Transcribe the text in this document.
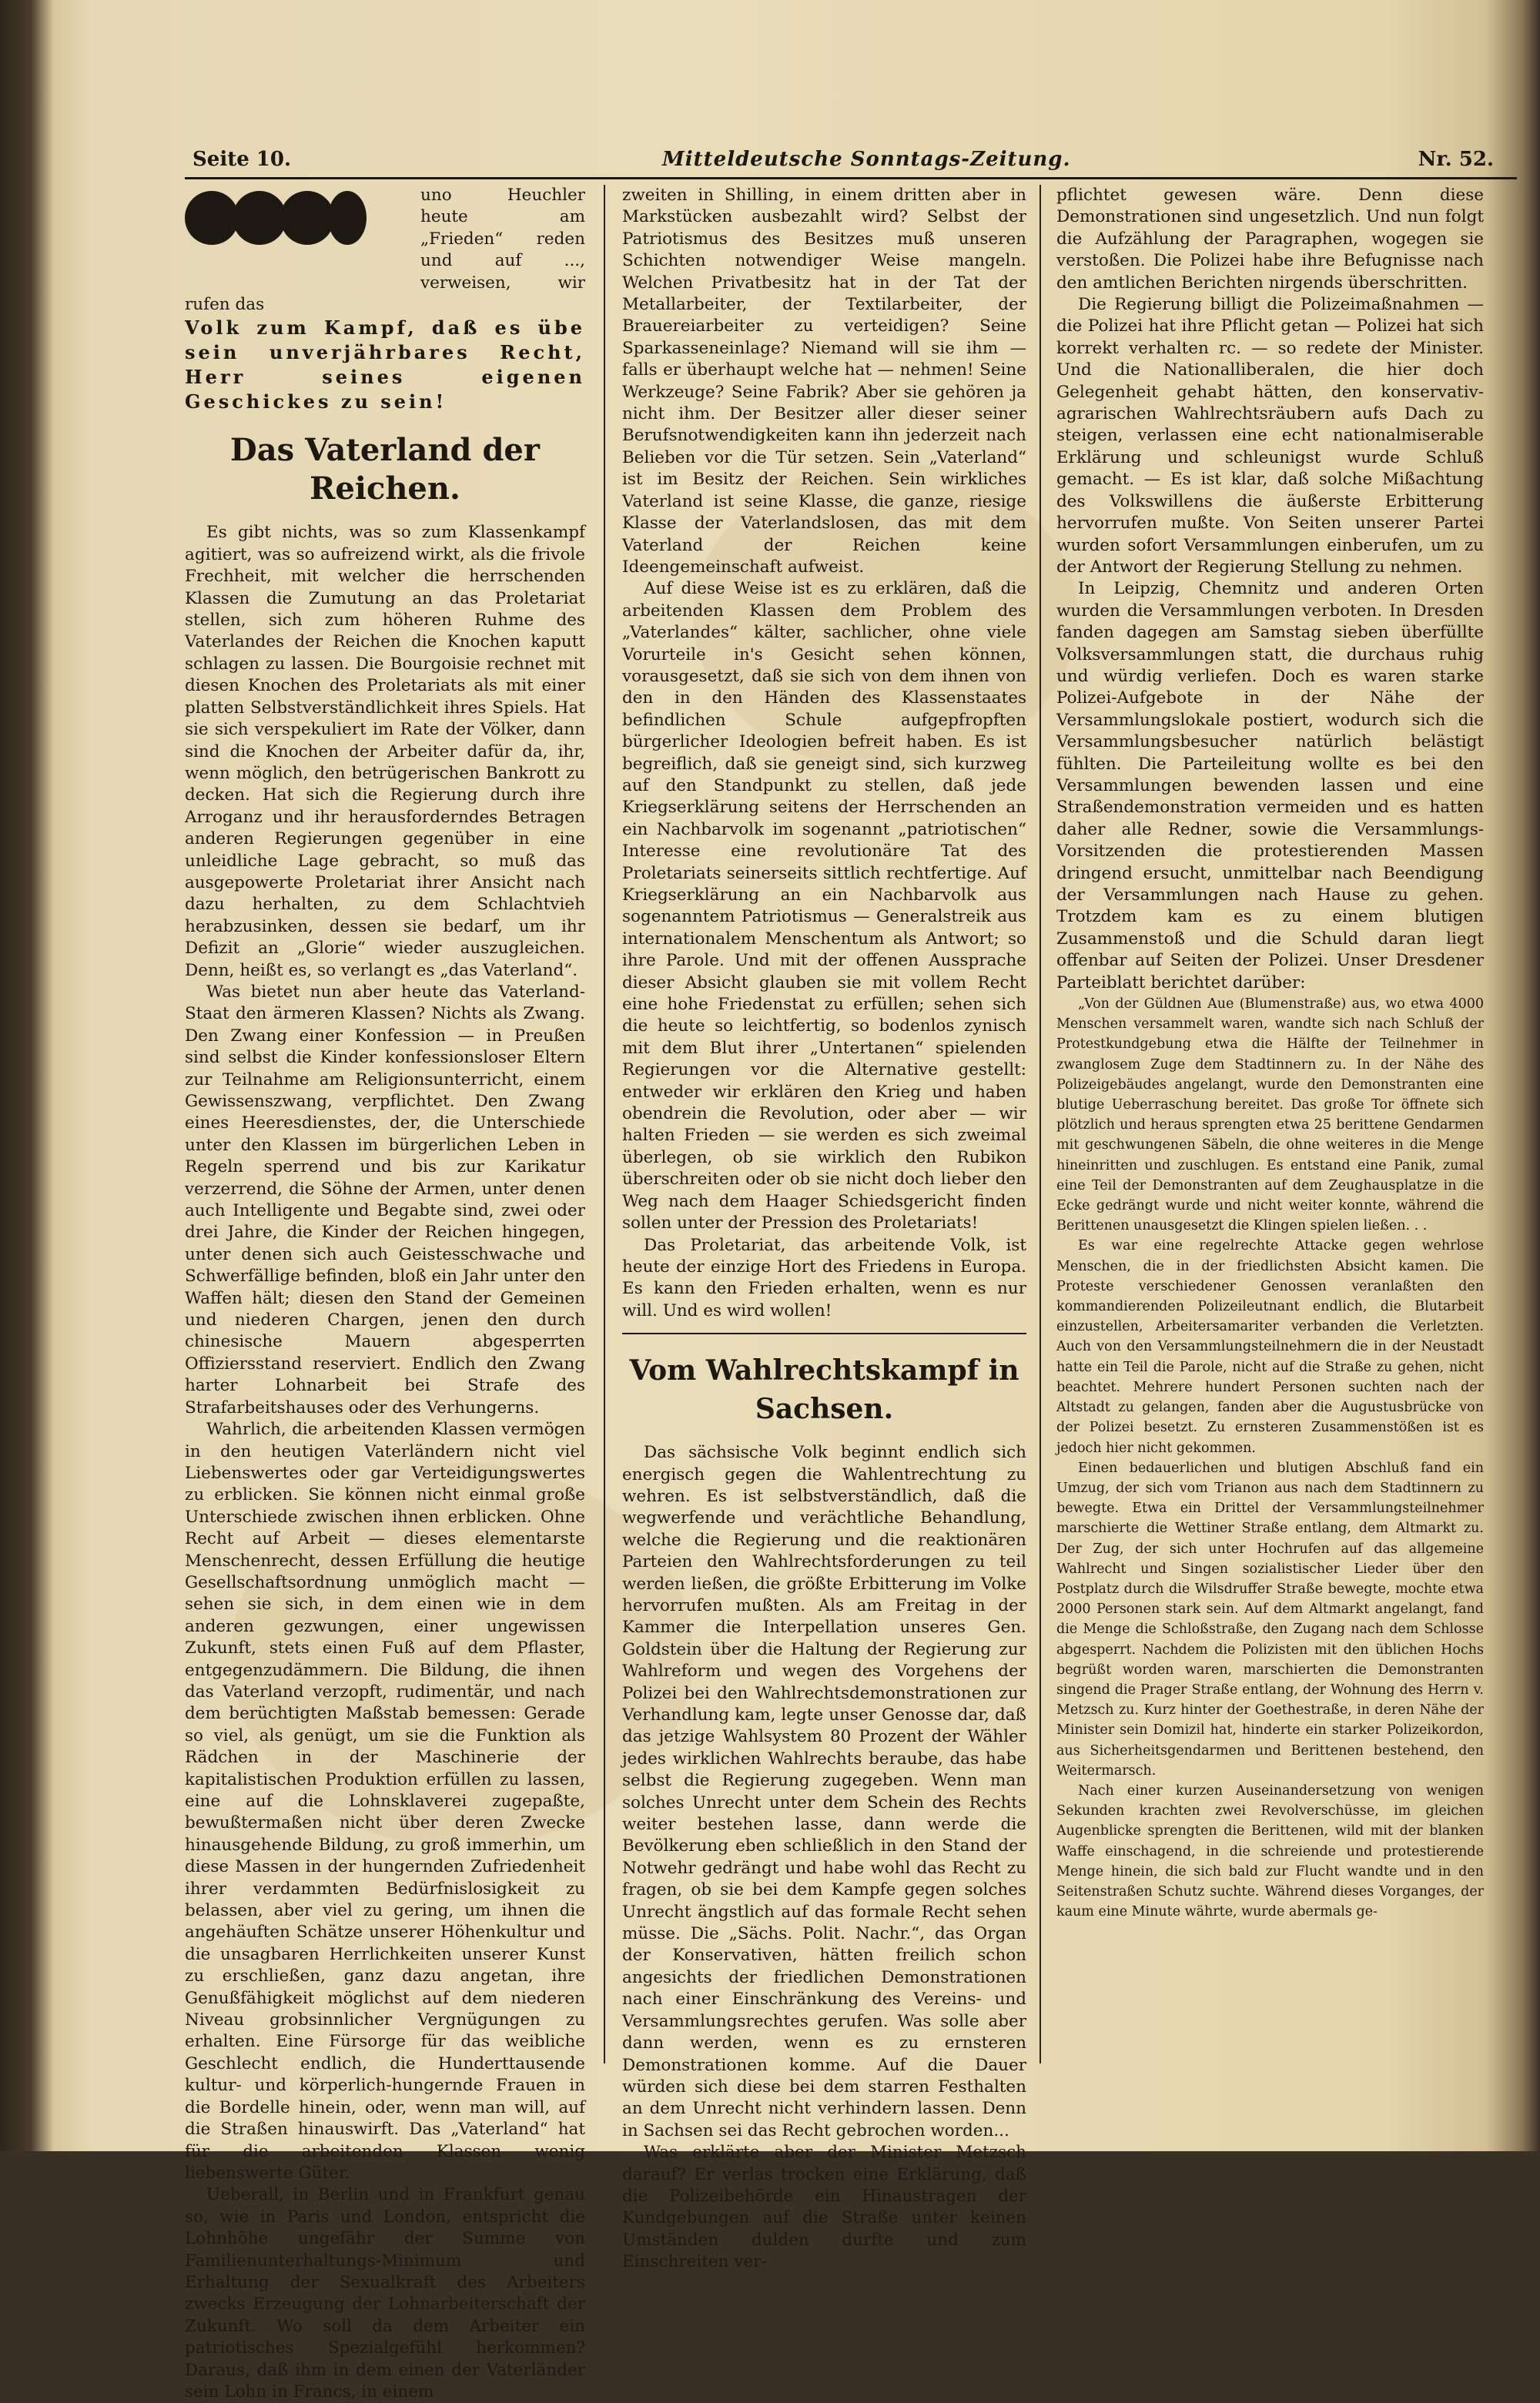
Seite 10.	Mitteldeutsche Sonntags-Zeitung.	Nr. 52.

uno Heuchler heute am „Frieden“ reden und auf ..., verweisen, wir rufen das

Volk zum Kampf, daß es übe sein unverjährbares Recht, Herr seines eigenen Geschickes zu sein!
Das Vaterland der Reichen.

Es gibt nichts, was so zum Klassenkampf agitiert, was so aufreizend wirkt, als die frivole Frechheit, mit welcher die herrschenden Klassen die Zumutung an das Proletariat stellen, sich zum höheren Ruhme des Vaterlandes der Reichen die Knochen kaputt schlagen zu lassen. Die Bourgoisie rechnet mit diesen Knochen des Proletariats als mit einer platten Selbstverständlichkeit ihres Spiels. Hat sie sich verspekuliert im Rate der Völker, dann sind die Knochen der Arbeiter dafür da, ihr, wenn möglich, den betrügerischen Bankrott zu decken. Hat sich die Regierung durch ihre Arroganz und ihr herausforderndes Betragen anderen Regierungen gegenüber in eine unleidliche Lage gebracht, so muß das ausgepowerte Proletariat ihrer Ansicht nach dazu herhalten, zu dem Schlachtvieh herabzusinken, dessen sie bedarf, um ihr Defizit an „Glorie“ wieder auszugleichen. Denn, heißt es, so verlangt es „das Vaterland“.

Was bietet nun aber heute das Vaterland-Staat den ärmeren Klassen? Nichts als Zwang. Den Zwang einer Konfession — in Preußen sind selbst die Kinder konfessionsloser Eltern zur Teilnahme am Religionsunterricht, einem Gewissenszwang, verpflichtet. Den Zwang eines Heeresdienstes, der, die Unterschiede unter den Klassen im bürgerlichen Leben in Regeln sperrend und bis zur Karikatur verzerrend, die Söhne der Armen, unter denen auch Intelligente und Begabte sind, zwei oder drei Jahre, die Kinder der Reichen hingegen, unter denen sich auch Geistesschwache und Schwerfällige befinden, bloß ein Jahr unter den Waffen hält; diesen den Stand der Gemeinen und niederen Chargen, jenen den durch chinesische Mauern abgesperrten Offiziersstand reserviert. Endlich den Zwang harter Lohnarbeit bei Strafe des Strafarbeitshauses oder des Verhungerns.

Wahrlich, die arbeitenden Klassen vermögen in den heutigen Vaterländern nicht viel Liebenswertes oder gar Verteidigungswertes zu erblicken. Sie können nicht einmal große Unterschiede zwischen ihnen erblicken. Ohne Recht auf Arbeit — dieses elementarste Menschenrecht, dessen Erfüllung die heutige Gesellschaftsordnung unmöglich macht — sehen sie sich, in dem einen wie in dem anderen gezwungen, einer ungewissen Zukunft, stets einen Fuß auf dem Pflaster, entgegenzudämmern. Die Bildung, die ihnen das Vaterland verzopft, rudimentär, und nach dem berüchtigten Maßstab bemessen: Gerade so viel, als genügt, um sie die Funktion als Rädchen in der Maschinerie der kapitalistischen Produktion erfüllen zu lassen, eine auf die Lohnsklaverei zugepaßte, bewußtermaßen nicht über deren Zwecke hinausgehende Bildung, zu groß immerhin, um diese Massen in der hungernden Zufriedenheit ihrer verdammten Bedürfnislosigkeit zu belassen, aber viel zu gering, um ihnen die angehäuften Schätze unserer Höhenkultur und die unsagbaren Herrlichkeiten unserer Kunst zu erschließen, ganz dazu angetan, ihre Genußfähigkeit möglichst auf dem niederen Niveau grobsinnlicher Vergnügungen zu erhalten. Eine Fürsorge für das weibliche Geschlecht endlich, die Hunderttausende kultur- und körperlich-hungernde Frauen in die Bordelle hinein, oder, wenn man will, auf die Straßen hinauswirft. Das „Vaterland“ hat für die arbeitenden Klassen wenig liebenswerte Güter.

Ueberall, in Berlin und in Frankfurt genau so, wie in Paris und London, entspricht die Lohnhöhe ungefähr der Summe von Familienunterhaltungs-Minimum und Erhaltung der Sexualkraft des Arbeiters zwecks Erzeugung der Lohnarbeiterschaft der Zukunft. Wo soll da dem Arbeiter ein patriotisches Spezialgefühl herkommen? Daraus, daß ihm in dem einen der Vaterländer sein Lohn in Francs, in einem

zweiten in Shilling, in einem dritten aber in Markstücken ausbezahlt wird? Selbst der Patriotismus des Besitzes muß unseren Schichten notwendiger Weise mangeln. Welchen Privatbesitz hat in der Tat der Metallarbeiter, der Textilarbeiter, der Brauereiarbeiter zu verteidigen? Seine Sparkasseneinlage? Niemand will sie ihm — falls er überhaupt welche hat — nehmen! Seine Werkzeuge? Seine Fabrik? Aber sie gehören ja nicht ihm. Der Besitzer aller dieser seiner Berufsnotwendigkeiten kann ihn jederzeit nach Belieben vor die Tür setzen. Sein „Vaterland“ ist im Besitz der Reichen. Sein wirkliches Vaterland ist seine Klasse, die ganze, riesige Klasse der Vaterlandslosen, das mit dem Vaterland der Reichen keine Ideengemeinschaft aufweist.

Auf diese Weise ist es zu erklären, daß die arbeitenden Klassen dem Problem des „Vaterlandes“ kälter, sachlicher, ohne viele Vorurteile in's Gesicht sehen können, vorausgesetzt, daß sie sich von dem ihnen von den in den Händen des Klassenstaates befindlichen Schule aufgepfropften bürgerlicher Ideologien befreit haben. Es ist begreiflich, daß sie geneigt sind, sich kurzweg auf den Standpunkt zu stellen, daß jede Kriegserklärung seitens der Herrschenden an ein Nachbarvolk im sogenannt „patriotischen“ Interesse eine revolutionäre Tat des Proletariats seinerseits sittlich rechtfertige. Auf Kriegserklärung an ein Nachbarvolk aus sogenanntem Patriotismus — Generalstreik aus internationalem Menschentum als Antwort; so ihre Parole. Und mit der offenen Aussprache dieser Absicht glauben sie mit vollem Recht eine hohe Friedenstat zu erfüllen; sehen sich die heute so leichtfertig, so bodenlos zynisch mit dem Blut ihrer „Untertanen“ spielenden Regierungen vor die Alternative gestellt: entweder wir erklären den Krieg und haben obendrein die Revolution, oder aber — wir halten Frieden — sie werden es sich zweimal überlegen, ob sie wirklich den Rubikon überschreiten oder ob sie nicht doch lieber den Weg nach dem Haager Schiedsgericht finden sollen unter der Pression des Proletariats!

Das Proletariat, das arbeitende Volk, ist heute der einzige Hort des Friedens in Europa. Es kann den Frieden erhalten, wenn es nur will. Und es wird wollen!

Vom Wahlrechtskampf in Sachsen.

Das sächsische Volk beginnt endlich sich energisch gegen die Wahlentrechtung zu wehren. Es ist selbstverständlich, daß die wegwerfende und verächtliche Behandlung, welche die Regierung und die reaktionären Parteien den Wahlrechtsforderungen zu teil werden ließen, die größte Erbitterung im Volke hervorrufen mußten. Als am Freitag in der Kammer die Interpellation unseres Gen. Goldstein über die Haltung der Regierung zur Wahlreform und wegen des Vorgehens der Polizei bei den Wahlrechtsdemonstrationen zur Verhandlung kam, legte unser Genosse dar, daß das jetzige Wahlsystem 80 Prozent der Wähler jedes wirklichen Wahlrechts beraube, das habe selbst die Regierung zugegeben. Wenn man solches Unrecht unter dem Schein des Rechts weiter bestehen lasse, dann werde die Bevölkerung eben schließlich in den Stand der Notwehr gedrängt und habe wohl das Recht zu fragen, ob sie bei dem Kampfe gegen solches Unrecht ängstlich auf das formale Recht sehen müsse. Die „Sächs. Polit. Nachr.“, das Organ der Konservativen, hätten freilich schon angesichts der friedlichen Demonstrationen nach einer Einschränkung des Vereins- und Versammlungsrechtes gerufen. Was solle aber dann werden, wenn es zu ernsteren Demonstrationen komme. Auf die Dauer würden sich diese bei dem starren Festhalten an dem Unrecht nicht verhindern lassen. Denn in Sachsen sei das Recht gebrochen worden...

Was erklärte aber der Minister Metzsch darauf? Er verlas trocken eine Erklärung, daß die Polizeibehörde ein Hinaustragen der Kundgebungen auf die Straße unter keinen Umständen dulden durfte und zum Einschreiten ver-

pflichtet gewesen wäre. Denn diese Demonstrationen sind ungesetzlich. Und nun folgt die Aufzählung der Paragraphen, wogegen sie verstoßen. Die Polizei habe ihre Befugnisse nach den amtlichen Berichten nirgends überschritten.

Die Regierung billigt die Polizeimaßnahmen — die Polizei hat ihre Pflicht getan — Polizei hat sich korrekt verhalten rc. — so redete der Minister. Und die Nationalliberalen, die hier doch Gelegenheit gehabt hätten, den konservativ-agrarischen Wahlrechtsräubern aufs Dach zu steigen, verlassen eine echt nationalmiserable Erklärung und schleunigst wurde Schluß gemacht. — Es ist klar, daß solche Mißachtung des Volkswillens die äußerste Erbitterung hervorrufen mußte. Von Seiten unserer Partei wurden sofort Versammlungen einberufen, um zu der Antwort der Regierung Stellung zu nehmen.

In Leipzig, Chemnitz und anderen Orten wurden die Versammlungen verboten. In Dresden fanden dagegen am Samstag sieben überfüllte Volksversammlungen statt, die durchaus ruhig und würdig verliefen. Doch es waren starke Polizei-Aufgebote in der Nähe der Versammlungslokale postiert, wodurch sich die Versammlungsbesucher natürlich belästigt fühlten. Die Parteileitung wollte es bei den Versammlungen bewenden lassen und eine Straßendemonstration vermeiden und es hatten daher alle Redner, sowie die Versammlungs-Vorsitzenden die protestierenden Massen dringend ersucht, unmittelbar nach Beendigung der Versammlungen nach Hause zu gehen. Trotzdem kam es zu einem blutigen Zusammenstoß und die Schuld daran liegt offenbar auf Seiten der Polizei. Unser Dresdener Parteiblatt berichtet darüber:

„Von der Güldnen Aue (Blumenstraße) aus, wo etwa 4000 Menschen versammelt waren, wandte sich nach Schluß der Protestkundgebung etwa die Hälfte der Teilnehmer in zwanglosem Zuge dem Stadtinnern zu. In der Nähe des Polizeigebäudes angelangt, wurde den Demonstranten eine blutige Ueberraschung bereitet. Das große Tor öffnete sich plötzlich und heraus sprengten etwa 25 berittene Gendarmen mit geschwungenen Säbeln, die ohne weiteres in die Menge hineinritten und zuschlugen. Es entstand eine Panik, zumal eine Teil der Demonstranten auf dem Zeughausplatze in die Ecke gedrängt wurde und nicht weiter konnte, während die Berittenen unausgesetzt die Klingen spielen ließen. . .

Es war eine regelrechte Attacke gegen wehrlose Menschen, die in der friedlichsten Absicht kamen. Die Proteste verschiedener Genossen veranlaßten den kommandierenden Polizeileutnant endlich, die Blutarbeit einzustellen, Arbeitersamariter verbanden die Verletzten. Auch von den Versammlungsteilnehmern die in der Neustadt hatte ein Teil die Parole, nicht auf die Straße zu gehen, nicht beachtet. Mehrere hundert Personen suchten nach der Altstadt zu gelangen, fanden aber die Augustusbrücke von der Polizei besetzt. Zu ernsteren Zusammenstößen ist es jedoch hier nicht gekommen.

Einen bedauerlichen und blutigen Abschluß fand ein Umzug, der sich vom Trianon aus nach dem Stadtinnern zu bewegte. Etwa ein Drittel der Versammlungsteilnehmer marschierte die Wettiner Straße entlang, dem Altmarkt zu. Der Zug, der sich unter Hochrufen auf das allgemeine Wahlrecht und Singen sozialistischer Lieder über den Postplatz durch die Wilsdruffer Straße bewegte, mochte etwa 2000 Personen stark sein. Auf dem Altmarkt angelangt, fand die Menge die Schloßstraße, den Zugang nach dem Schlosse abgesperrt. Nachdem die Polizisten mit den üblichen Hochs begrüßt worden waren, marschierten die Demonstranten singend die Prager Straße entlang, der Wohnung des Herrn v. Metzsch zu. Kurz hinter der Goethestraße, in deren Nähe der Minister sein Domizil hat, hinderte ein starker Polizeikordon, aus Sicherheitsgendarmen und Berittenen bestehend, den Weitermarsch.

Nach einer kurzen Auseinandersetzung von wenigen Sekunden krachten zwei Revolverschüsse, im gleichen Augenblicke sprengten die Berittenen, wild mit der blanken Waffe einschagend, in die schreiende und protestierende Menge hinein, die sich bald zur Flucht wandte und in den Seitenstraßen Schutz suchte. Während dieses Vorganges, der kaum eine Minute währte, wurde abermals ge-
